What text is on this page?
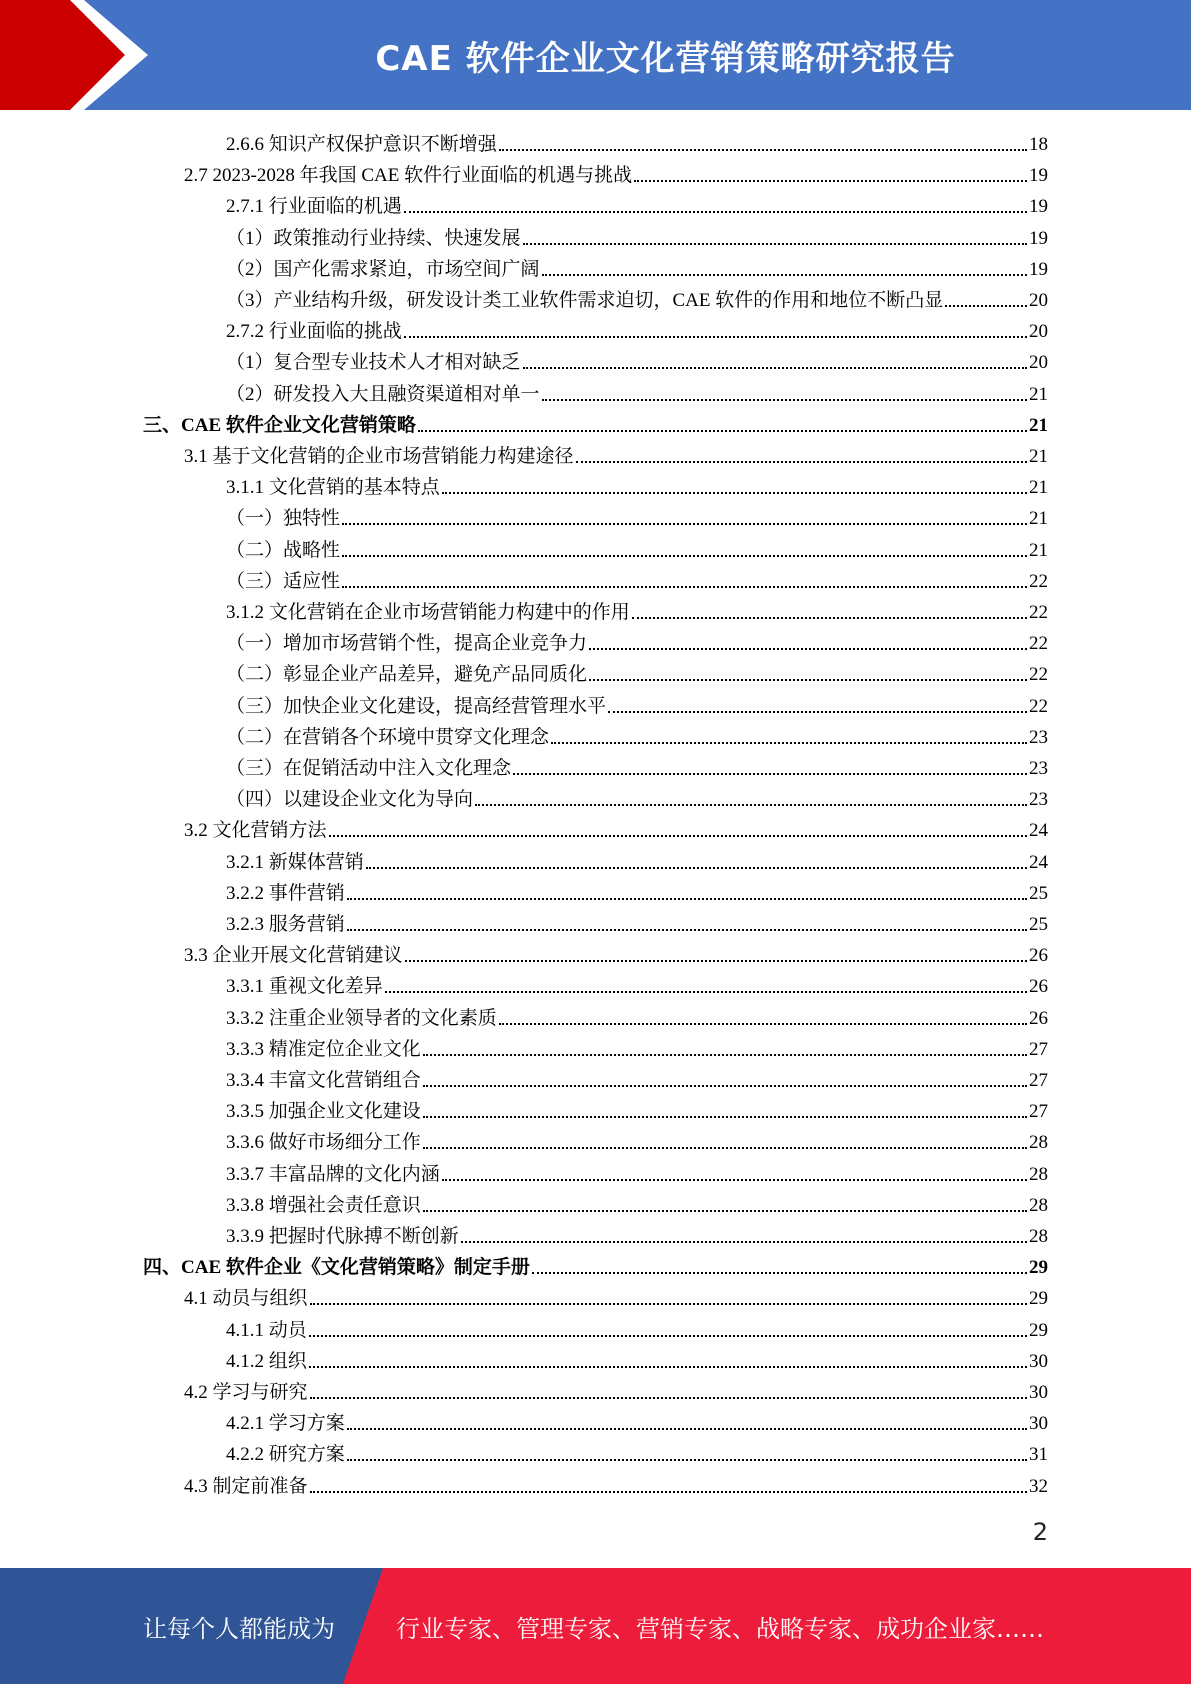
CAE 软件企业文化营销策略研究报告
2.6.6 知识产权保护意识不断增强	18
2.7 2023-2028 年我国 CAE 软件行业面临的机遇与挑战	19
2.7.1 行业面临的机遇	19
（1）政策推动行业持续、快速发展	19
（2）国产化需求紧迫，市场空间广阔	19
（3）产业结构升级，研发设计类工业软件需求迫切，CAE 软件的作用和地位不断凸显	20
2.7.2 行业面临的挑战	20
（1）复合型专业技术人才相对缺乏	20
（2）研发投入大且融资渠道相对单一	21
三、CAE 软件企业文化营销策略	21
3.1 基于文化营销的企业市场营销能力构建途径	21
3.1.1 文化营销的基本特点	21
（一）独特性	21
（二）战略性	21
（三）适应性	22
3.1.2 文化营销在企业市场营销能力构建中的作用	22
（一）增加市场营销个性，提高企业竞争力	22
（二）彰显企业产品差异，避免产品同质化	22
（三）加快企业文化建设，提高经营管理水平	22
（二）在营销各个环境中贯穿文化理念	23
（三）在促销活动中注入文化理念	23
（四）以建设企业文化为导向	23
3.2 文化营销方法	24
3.2.1 新媒体营销	24
3.2.2 事件营销	25
3.2.3 服务营销	25
3.3 企业开展文化营销建议	26
3.3.1 重视文化差异	26
3.3.2 注重企业领导者的文化素质	26
3.3.3 精准定位企业文化	27
3.3.4 丰富文化营销组合	27
3.3.5 加强企业文化建设	27
3.3.6 做好市场细分工作	28
3.3.7 丰富品牌的文化内涵	28
3.3.8 增强社会责任意识	28
3.3.9 把握时代脉搏不断创新	28
四、CAE 软件企业《文化营销策略》制定手册	29
4.1 动员与组织	29
4.1.1 动员	29
4.1.2 组织	30
4.2 学习与研究	30
4.2.1 学习方案	30
4.2.2 研究方案	31
4.3 制定前准备	32
2
让每个人都能成为	行业专家、管理专家、营销专家、战略专家、成功企业家……
